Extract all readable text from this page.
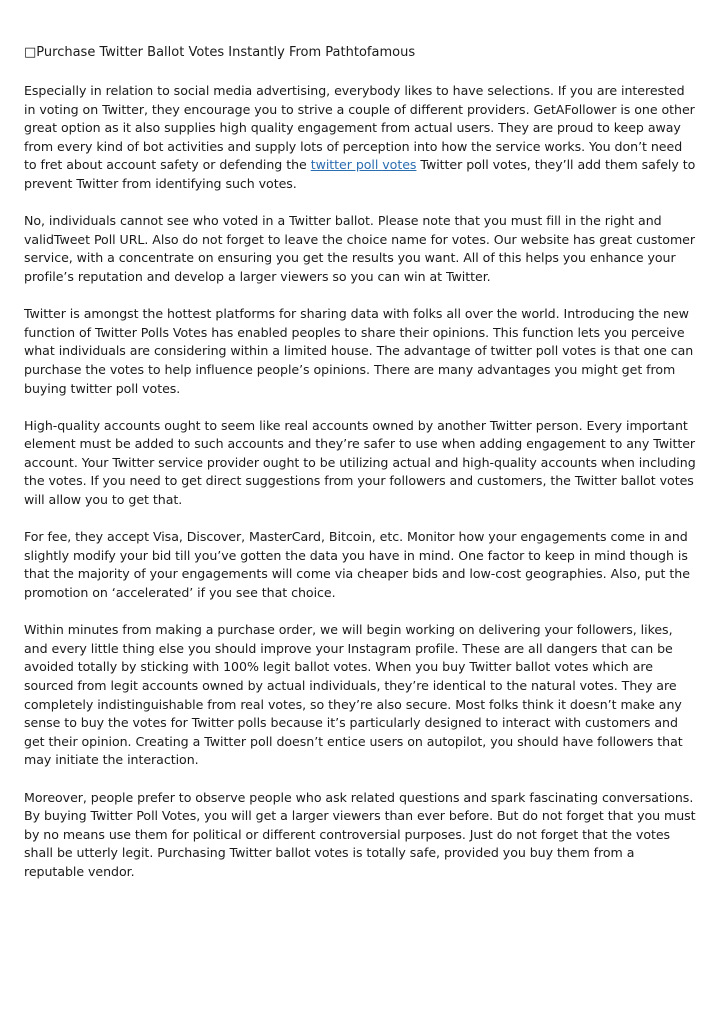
□Purchase Twitter Ballot Votes Instantly From Pathtofamous

Especially in relation to social media advertising, everybody likes to have selections. If you are interested in voting on Twitter, they encourage you to strive a couple of different providers. GetAFollower is one other great option as it also supplies high quality engagement from actual users. They are proud to keep away from every kind of bot activities and supply lots of perception into how the service works. You don’t need to fret about account safety or defending the twitter poll votes Twitter poll votes, they’ll add them safely to prevent Twitter from identifying such votes.

No, individuals cannot see who voted in a Twitter ballot. Please note that you must fill in the right and validTweet Poll URL. Also do not forget to leave the choice name for votes. Our website has great customer service, with a concentrate on ensuring you get the results you want. All of this helps you enhance your profile’s reputation and develop a larger viewers so you can win at Twitter.

Twitter is amongst the hottest platforms for sharing data with folks all over the world. Introducing the new function of Twitter Polls Votes has enabled peoples to share their opinions. This function lets you perceive what individuals are considering within a limited house. The advantage of twitter poll votes is that one can purchase the votes to help influence people’s opinions. There are many advantages you might get from buying twitter poll votes.

High-quality accounts ought to seem like real accounts owned by another Twitter person. Every important element must be added to such accounts and they’re safer to use when adding engagement to any Twitter account. Your Twitter service provider ought to be utilizing actual and high-quality accounts when including the votes. If you need to get direct suggestions from your followers and customers, the Twitter ballot votes will allow you to get that.

For fee, they accept Visa, Discover, MasterCard, Bitcoin, etc. Monitor how your engagements come in and slightly modify your bid till you’ve gotten the data you have in mind. One factor to keep in mind though is that the majority of your engagements will come via cheaper bids and low-cost geographies. Also, put the promotion on ‘accelerated’ if you see that choice.

Within minutes from making a purchase order, we will begin working on delivering your followers, likes, and every little thing else you should improve your Instagram profile. These are all dangers that can be avoided totally by sticking with 100% legit ballot votes. When you buy Twitter ballot votes which are sourced from legit accounts owned by actual individuals, they’re identical to the natural votes. They are completely indistinguishable from real votes, so they’re also secure. Most folks think it doesn’t make any sense to buy the votes for Twitter polls because it’s particularly designed to interact with customers and get their opinion. Creating a Twitter poll doesn’t entice users on autopilot, you should have followers that may initiate the interaction.

Moreover, people prefer to observe people who ask related questions and spark fascinating conversations. By buying Twitter Poll Votes, you will get a larger viewers than ever before. But do not forget that you must by no means use them for political or different controversial purposes. Just do not forget that the votes shall be utterly legit. Purchasing Twitter ballot votes is totally safe, provided you buy them from a reputable vendor.
